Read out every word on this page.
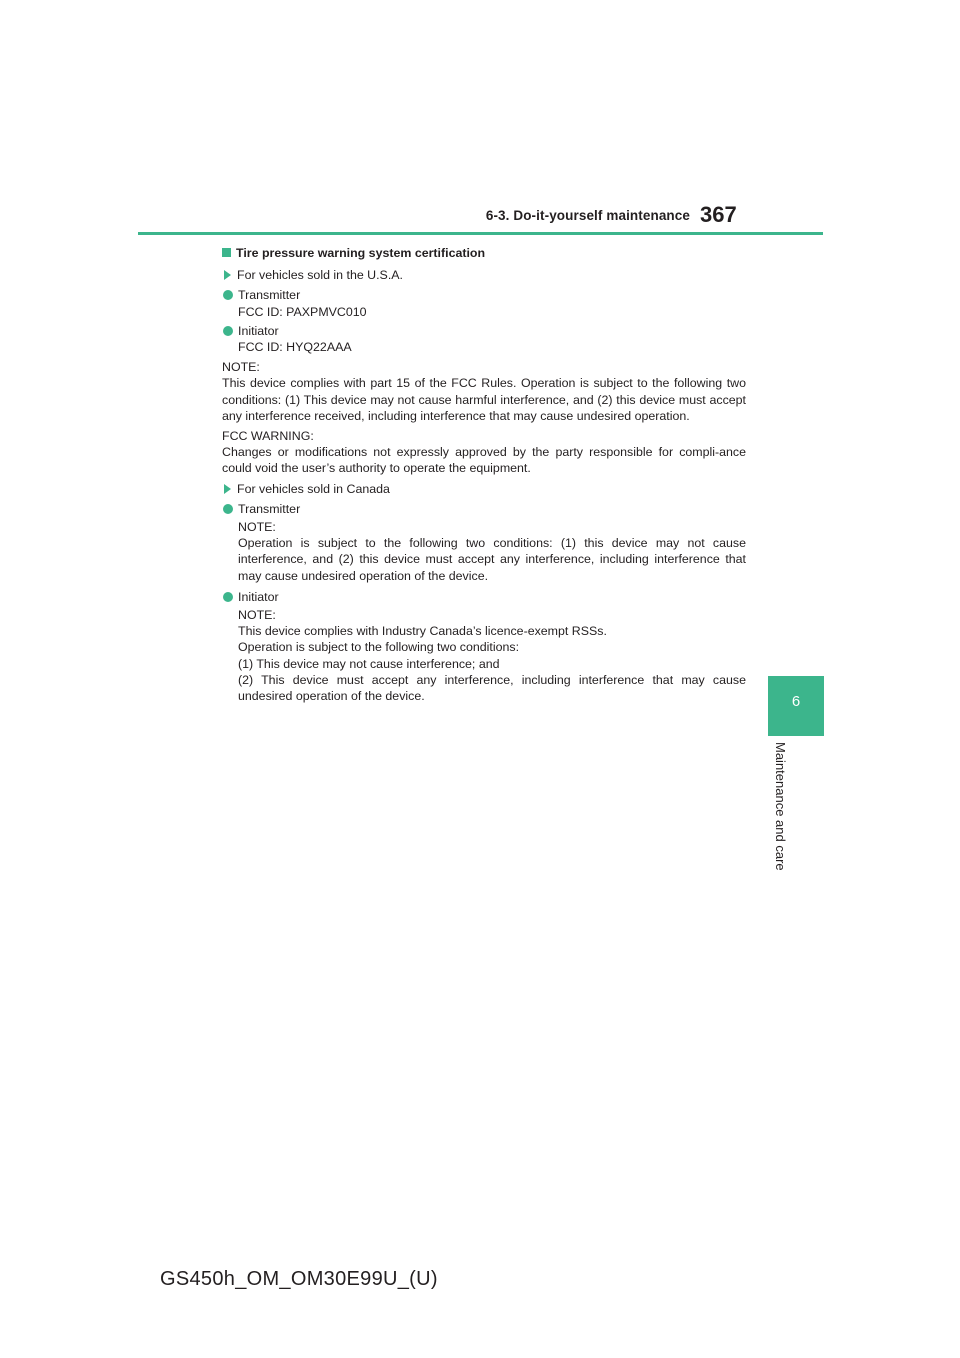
6-3. Do-it-yourself maintenance 367
6
Maintenance and care

Tire pressure warning system certification

For vehicles sold in the U.S.A.

Transmitter

FCC ID: PAXPMVC010

Initiator

FCC ID: HYQ22AAA

NOTE:

This device complies with part 15 of the FCC Rules. Operation is subject to the following two conditions: (1) This device may not cause harmful interference, and (2) this device must accept any interference received, including interference that may cause undesired operation.

FCC WARNING:

Changes or modifications not expressly approved by the party responsible for compli-ance could void the user’s authority to operate the equipment.

For vehicles sold in Canada

Transmitter

NOTE:

Operation is subject to the following two conditions: (1) this device may not cause interference, and (2) this device must accept any interference, including interference that may cause undesired operation of the device.

Initiator

NOTE:

This device complies with Industry Canada’s licence-exempt RSSs.

Operation is subject to the following two conditions:

(1) This device may not cause interference; and

(2) This device must accept any interference, including interference that may cause undesired operation of the device.

GS450h_OM_OM30E99U_(U)
